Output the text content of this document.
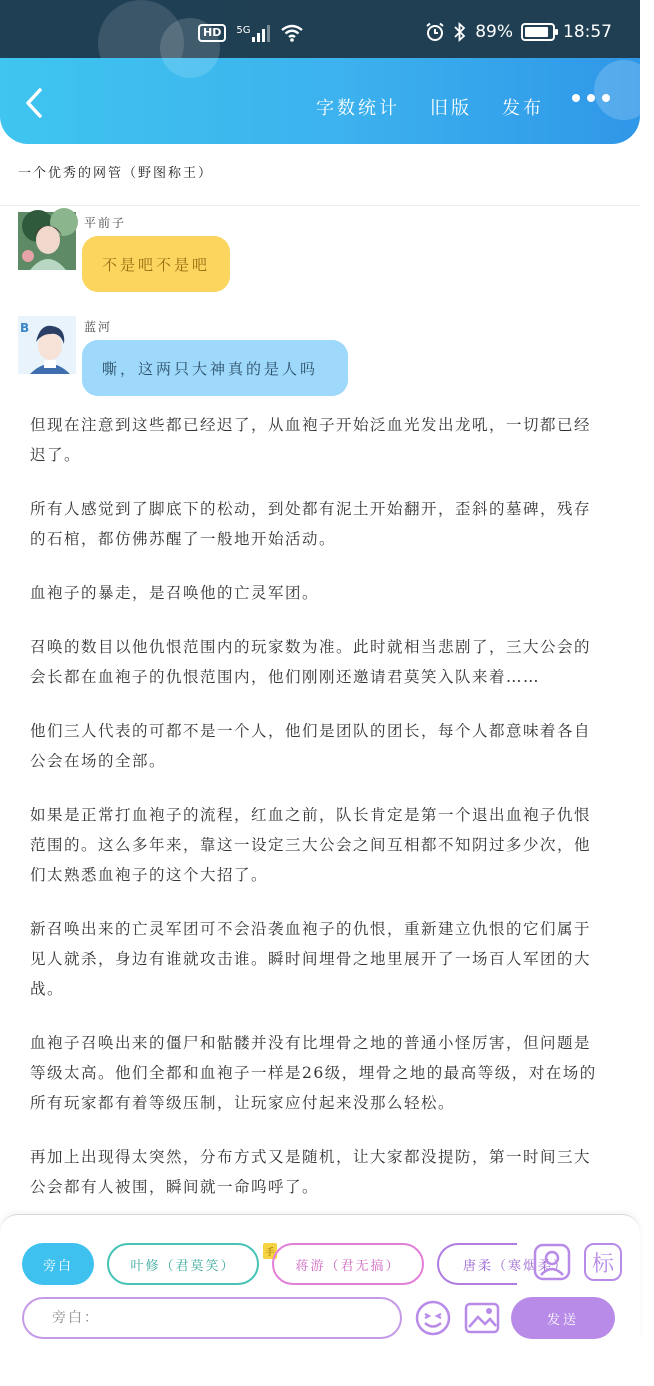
HD	5G	89%	18:57
字数统计 旧版 发布
一个优秀的网管（野图称王）
平前子
不是吧不是吧
B	蓝河
嘶，这两只大神真的是人吗

但现在注意到这些都已经迟了，从血袍子开始泛血光发出龙吼，一切都已经迟了。

所有人感觉到了脚底下的松动，到处都有泥土开始翻开，歪斜的墓碑，残存的石棺，都仿佛苏醒了一般地开始活动。

血袍子的暴走，是召唤他的亡灵军团。

召唤的数目以他仇恨范围内的玩家数为准。此时就相当悲剧了，三大公会的会长都在血袍子的仇恨范围内，他们刚刚还邀请君莫笑入队来着……

他们三人代表的可都不是一个人，他们是团队的团长，每个人都意味着各自公会在场的全部。

如果是正常打血袍子的流程，红血之前，队长肯定是第一个退出血袍子仇恨范围的。这么多年来，靠这一设定三大公会之间互相都不知阴过多少次，他们太熟悉血袍子的这个大招了。

新召唤出来的亡灵军团可不会沿袭血袍子的仇恨，重新建立仇恨的它们属于见人就杀，身边有谁就攻击谁。瞬时间埋骨之地里展开了一场百人军团的大战。

血袍子召唤出来的僵尸和骷髅并没有比埋骨之地的普通小怪厉害，但问题是等级太高。他们全都和血袍子一样是26级，埋骨之地的最高等级，对在场的所有玩家都有着等级压制，让玩家应付起来没那么轻松。

再加上出现得太突然，分布方式又是随机，让大家都没提防，第一时间三大公会都有人被围，瞬间就一命呜呼了。

旁白	叶修（君莫笑）
手
蒋游（君无搞）	唐柔（寒烟柔）	标
旁白：
发送
